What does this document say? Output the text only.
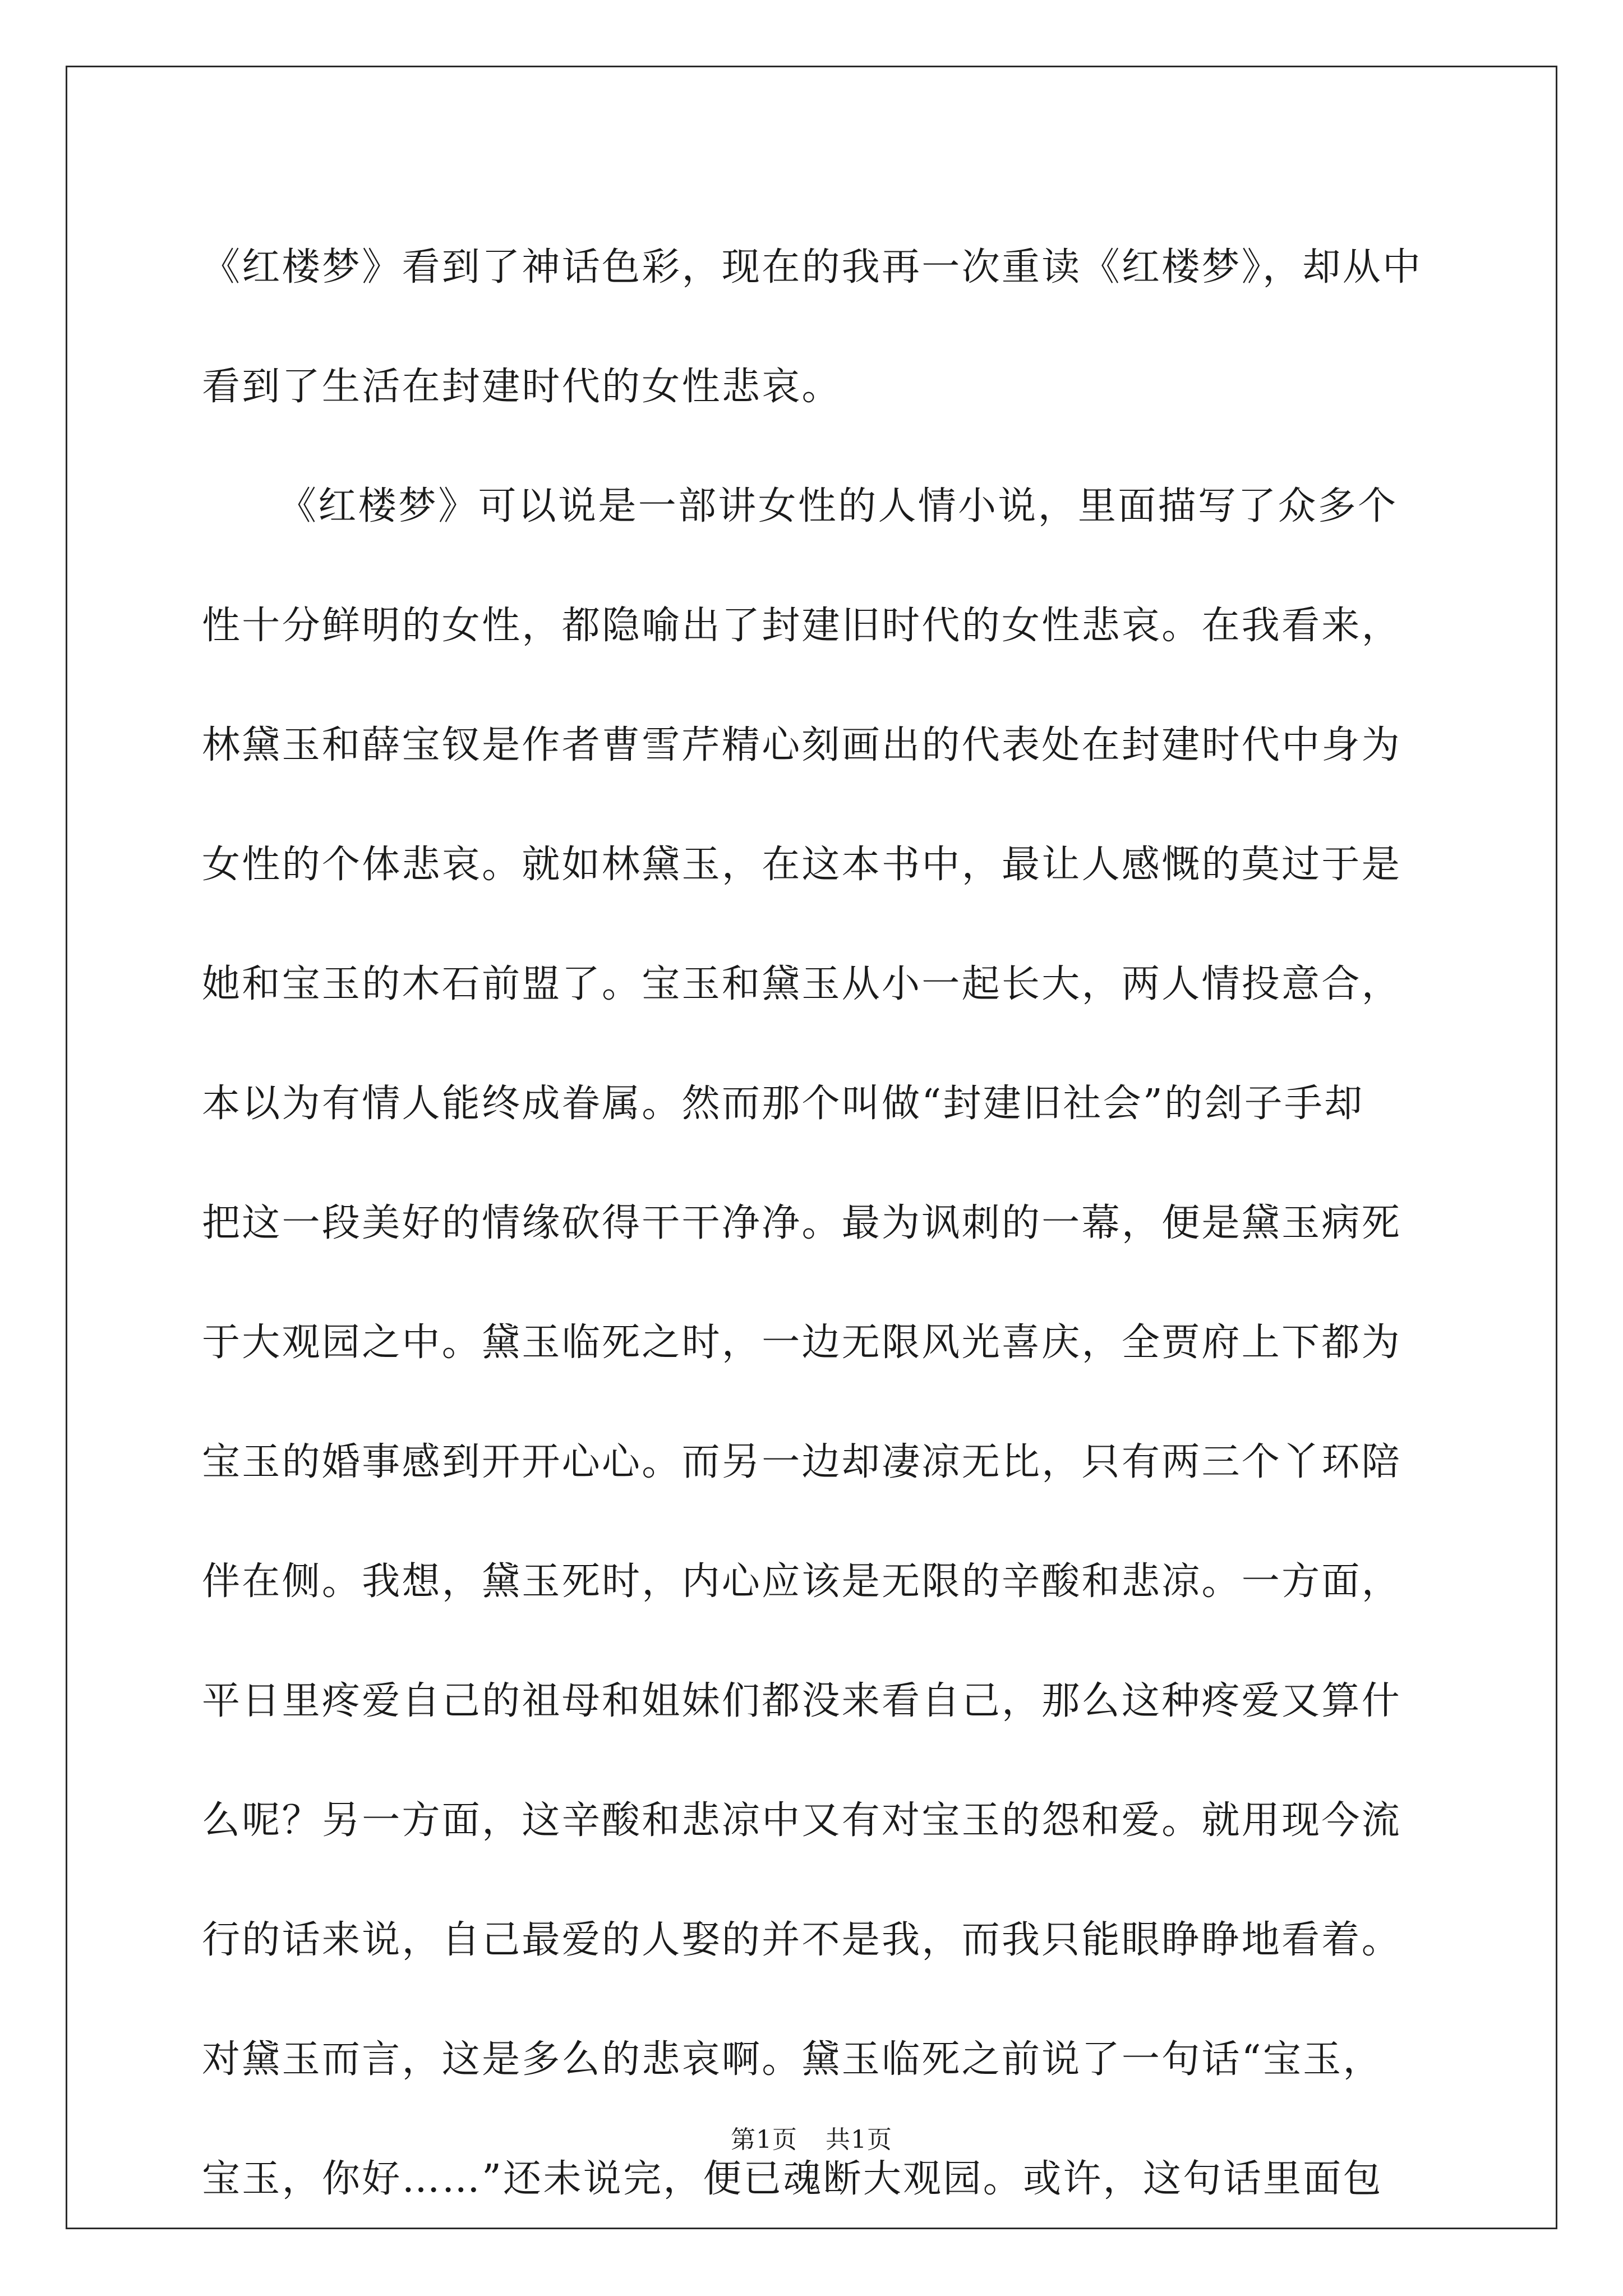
《红楼梦》看到了神话色彩，现在的我再一次重读《红楼梦》，却从中
看到了生活在封建时代的女性悲哀。
《红楼梦》可以说是一部讲女性的人情小说，里面描写了众多个
性十分鲜明的女性，都隐喻出了封建旧时代的女性悲哀。在我看来，
林黛玉和薛宝钗是作者曹雪芹精心刻画出的代表处在封建时代中身为
女性的个体悲哀。就如林黛玉，在这本书中，最让人感慨的莫过于是
她和宝玉的木石前盟了。宝玉和黛玉从小一起长大，两人情投意合，
本以为有情人能终成眷属。然而那个叫做“封建旧社会”的刽子手却
把这一段美好的情缘砍得干干净净。最为讽刺的一幕，便是黛玉病死
于大观园之中。黛玉临死之时，一边无限风光喜庆，全贾府上下都为
宝玉的婚事感到开开心心。而另一边却凄凉无比，只有两三个丫环陪
伴在侧。我想，黛玉死时，内心应该是无限的辛酸和悲凉。一方面，
平日里疼爱自己的祖母和姐妹们都没来看自己，那么这种疼爱又算什
么呢？另一方面，这辛酸和悲凉中又有对宝玉的怨和爱。就用现今流
行的话来说，自己最爱的人娶的并不是我，而我只能眼睁睁地看着。
对黛玉而言，这是多么的悲哀啊。黛玉临死之前说了一句话“宝玉，
宝玉，你好……”还未说完，便已魂断大观园。或许，这句话里面包
第1页 共1页
